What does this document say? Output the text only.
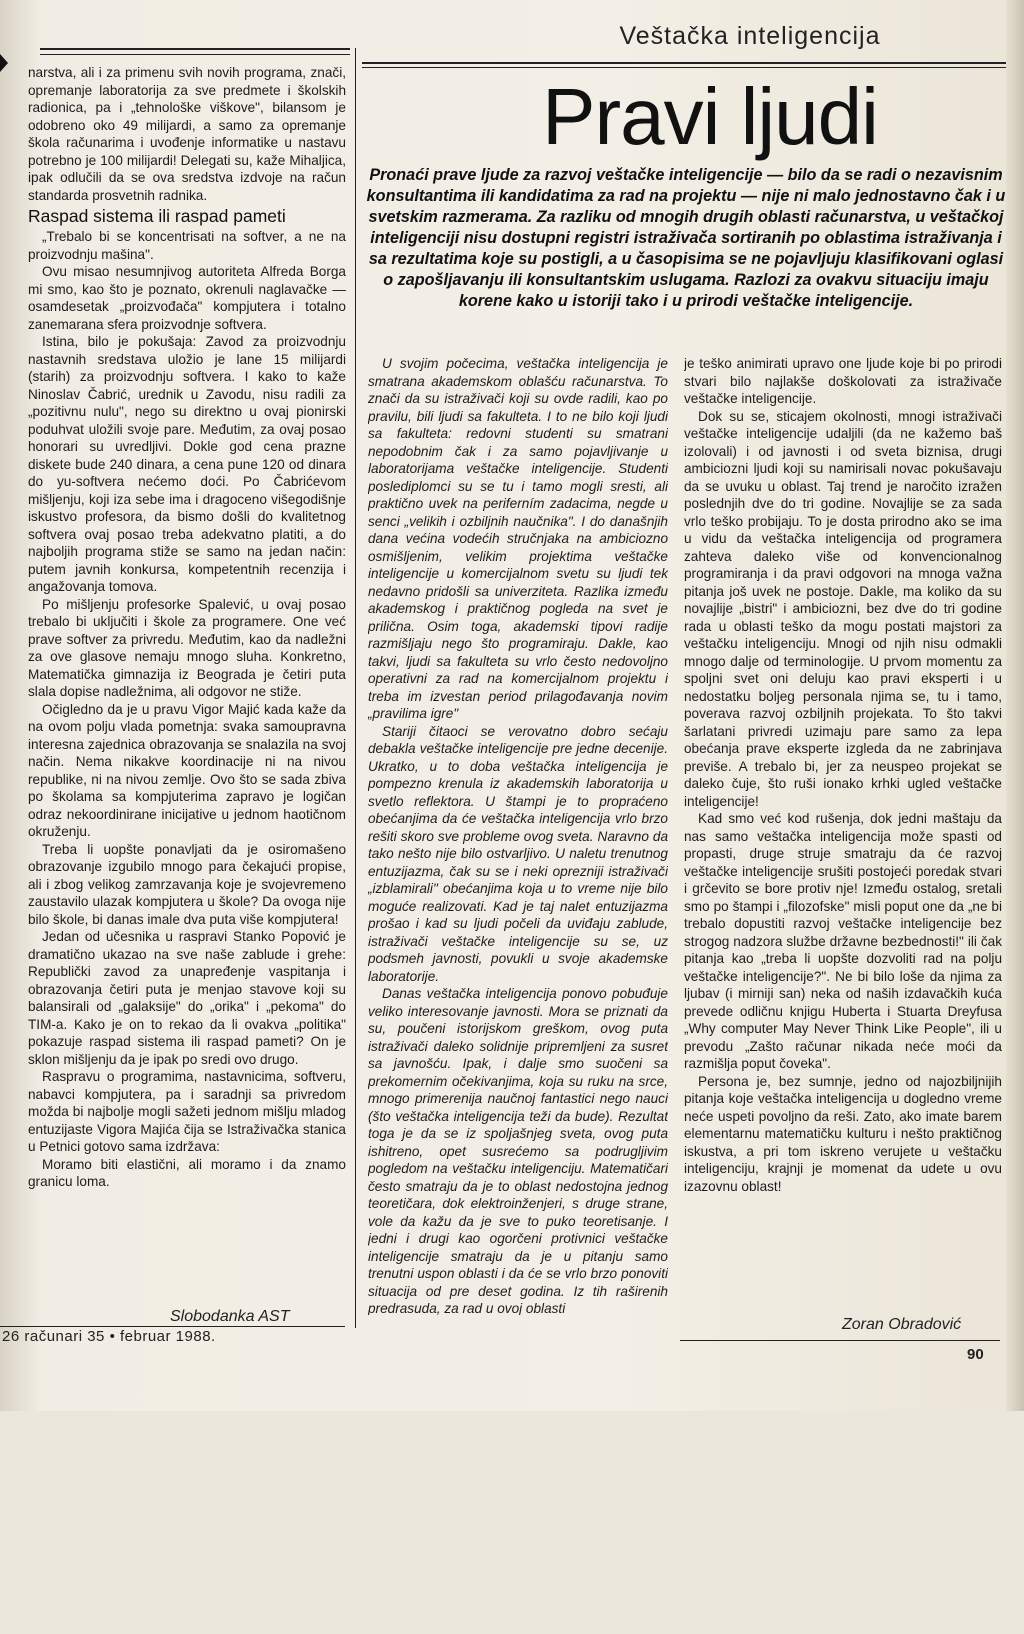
Veštačka inteligencija
Pravi ljudi
Pronaći prave ljude za razvoj veštačke inteligencije — bilo da se radi o nezavisnim konsultantima ili kandidatima za rad na projektu — nije ni malo jednostavno čak i u svetskim razmerama. Za razliku od mnogih drugih oblasti računarstva, u veštačkoj inteligenciji nisu dostupni registri istraživača sortiranih po oblastima istraživanja i sa rezultatima koje su postigli, a u časopisima se ne pojavljuju klasifikovani oglasi o zapošljavanju ili konsultantskim uslugama. Razlozi za ovakvu situaciju imaju korene kako u istoriji tako i u prirodi veštačke inteligencije.

narstva, ali i za primenu svih novih programa, znači, opremanje laboratorija za sve predmete i školskih radionica, pa i „tehnološke viškove", bilansom je odobreno oko 49 milijardi, a samo za opremanje škola računarima i uvođenje informatike u nastavu potrebno je 100 milijardi! Delegati su, kaže Mihaljica, ipak odlučili da se ova sredstva izdvoje na račun standarda prosvetnih radnika.

Raspad sistema ili raspad pameti

„Trebalo bi se koncentrisati na softver, a ne na proizvodnju mašina".

Ovu misao nesumnjivog autoriteta Alfreda Borga mi smo, kao što je poznato, okrenuli naglavačke — osamdesetak „proizvođača" kompjutera i totalno zanemarana sfera proizvodnje softvera.

Istina, bilo je pokušaja: Zavod za proizvodnju nastavnih sredstava uložio je lane 15 milijardi (starih) za proizvodnju softvera. I kako to kaže Ninoslav Čabrić, urednik u Zavodu, nisu radili za „pozitivnu nulu", nego su direktno u ovaj pionirski poduhvat uložili svoje pare. Međutim, za ovaj posao honorari su uvredljivi. Dokle god cena prazne diskete bude 240 dinara, a cena pune 120 od dinara do yu-softvera nećemo doći. Po Čabrićevom mišljenju, koji iza sebe ima i dragoceno višegodišnje iskustvo profesora, da bismo došli do kvalitetnog softvera ovaj posao treba adekvatno platiti, a do najboljih programa stiže se samo na jedan način: putem javnih konkursa, kompetentnih recenzija i angažovanja tomova.

Po mišljenju profesorke Spalević, u ovaj posao trebalo bi uključiti i škole za programere. One već prave softver za privredu. Međutim, kao da nadležni za ove glasove nemaju mnogo sluha. Konkretno, Matematička gimnazija iz Beograda je četiri puta slala dopise nadležnima, ali odgovor ne stiže.

Očigledno da je u pravu Vigor Majić kada kaže da na ovom polju vlada pometnja: svaka samoupravna interesna zajednica obrazovanja se snalazila na svoj način. Nema nikakve koordinacije ni na nivou republike, ni na nivou zemlje. Ovo što se sada zbiva po školama sa kompjuterima zapravo je logičan odraz nekoordinirane inicijative u jednom haotičnom okruženju.

Treba li uopšte ponavljati da je osiromašeno obrazovanje izgubilo mnogo para čekajući propise, ali i zbog velikog zamrzavanja koje je svojevremeno zaustavilo ulazak kompjutera u škole? Da ovoga nije bilo škole, bi danas imale dva puta više kompjutera!

Jedan od učesnika u raspravi Stanko Popović je dramatično ukazao na sve naše zablude i grehe: Republički zavod za unapređenje vaspitanja i obrazovanja četiri puta je menjao stavove koji su balansirali od „galaksije" do „orika" i „pekoma" do TIM-a. Kako je on to rekao da li ovakva „politika" pokazuje raspad sistema ili raspad pameti? On je sklon mišljenju da je ipak po sredi ovo drugo.

Raspravu o programima, nastavnicima, softveru, nabavci kompjutera, pa i saradnji sa privredom možda bi najbolje mogli sažeti jednom mišlju mladog entuzijaste Vigora Majića čija se Istraživačka stanica u Petnici gotovo sama izdržava:

Moramo biti elastični, ali moramo i da znamo granicu loma.

U svojim počecima, veštačka inteligencija je smatrana akademskom oblašću računarstva. To znači da su istraživači koji su ovde radili, kao po pravilu, bili ljudi sa fakulteta. I to ne bilo koji ljudi sa fakulteta: redovni studenti su smatrani nepodobnim čak i za samo pojavljivanje u laboratorijama veštačke inteligencije. Studenti poslediplomci su se tu i tamo mogli sresti, ali praktično uvek na periferním zadacima, negde u senci „velikih i ozbiljnih naučnika". I do današnjih dana većina vodećih stručnjaka na ambiciozno osmišljenim, velikim projektima veštačke inteligencije u komercijalnom svetu su ljudi tek nedavno pridošli sa univerziteta. Razlika između akademskog i praktičnog pogleda na svet je prilična. Osim toga, akademski tipovi radije razmišljaju nego što programiraju. Dakle, kao takvi, ljudi sa fakulteta su vrlo često nedovoljno operativni za rad na komercijalnom projektu i treba im izvestan period prilagođavanja novim „pravilima igre"

Stariji čitaoci se verovatno dobro sećaju debakla veštačke inteligencije pre jedne decenije. Ukratko, u to doba veštačka inteligencija je pompezno krenula iz akademskih laboratorija u svetlo reflektora. U štampi je to propraćeno obećanjima da će veštačka inteligencija vrlo brzo rešiti skoro sve probleme ovog sveta. Naravno da tako nešto nije bilo ostvarljivo. U naletu trenutnog entuzijazma, čak su se i neki oprezniji istraživači „izblamirali" obećanjima koja u to vreme nije bilo moguće realizovati. Kad je taj nalet entuzijazma prošao i kad su ljudi počeli da uviđaju zablude, istraživači veštačke inteligencije su se, uz podsmeh javnosti, povukli u svoje akademske laboratorije.

Danas veštačka inteligencija ponovo pobuđuje veliko interesovanje javnosti. Mora se priznati da su, poučeni istorijskom greškom, ovog puta istraživači daleko solidnije pripremljeni za susret sa javnošću. Ipak, i dalje smo suočeni sa prekomernim očekivanjima, koja su ruku na srce, mnogo primerenija naučnoj fantastici nego nauci (što veštačka inteligencija teži da bude). Rezultat toga je da se iz spoljašnjeg sveta, ovog puta ishitreno, opet susrećemo sa podrugljivim pogledom na veštačku inteligenciju. Matematičari često smatraju da je to oblast nedostojna jednog teoretičara, dok elektroinženjeri, s druge strane, vole da kažu da je sve to puko teoretisanje. I jedni i drugi kao ogorčeni protivnici veštačke inteligencije smatraju da je u pitanju samo trenutni uspon oblasti i da će se vrlo brzo ponoviti situacija od pre deset godina. Iz tih raširenih predrasuda, za rad u ovoj oblasti

je teško animirati upravo one ljude koje bi po prirodi stvari bilo najlakše doškolovati za istraživače veštačke inteligencije.

Dok su se, sticajem okolnosti, mnogi istraživači veštačke inteligencije udaljili (da ne kažemo baš izolovali) i od javnosti i od sveta biznisa, drugi ambiciozni ljudi koji su namirisali novac pokušavaju da se uvuku u oblast. Taj trend je naročito izražen poslednjih dve do tri godine. Novajlije se za sada vrlo teško probijaju. To je dosta prirodno ako se ima u vidu da veštačka inteligencija od programera zahteva daleko više od konvencionalnog programiranja i da pravi odgovori na mnoga važna pitanja još uvek ne postoje. Dakle, ma koliko da su novajlije „bistri" i ambiciozni, bez dve do tri godine rada u oblasti teško da mogu postati majstori za veštačku inteligenciju. Mnogi od njih nisu odmakli mnogo dalje od terminologije. U prvom momentu za spoljni svet oni deluju kao pravi eksperti i u nedostatku boljeg personala njima se, tu i tamo, poverava razvoj ozbiljnih projekata. To što takvi šarlatani privredi uzimaju pare samo za lepa obećanja prave eksperte izgleda da ne zabrinjava previše. A trebalo bi, jer za neuspeo projekat se daleko čuje, što ruši ionako krhki ugled veštačke inteligencije!

Kad smo već kod rušenja, dok jedni maštaju da nas samo veštačka inteligencija može spasti od propasti, druge struje smatraju da će razvoj veštačke inteligencije srušiti postojeći poredak stvari i grčevito se bore protiv nje! Između ostalog, sretali smo po štampi i „filozofske" misli poput one da „ne bi trebalo dopustiti razvoj veštačke inteligencije bez strogog nadzora službe državne bezbednosti!" ili čak pitanja kao „treba li uopšte dozvoliti rad na polju veštačke inteligencije?". Ne bi bilo loše da njima za ljubav (i mirniji san) neka od naših izdavačkih kuća prevede odličnu knjigu Huberta i Stuarta Dreyfusa „Why computer May Never Think Like People", ili u prevodu „Zašto računar nikada neće moći da razmišlja poput čoveka".

Persona je, bez sumnje, jedno od najozbiljnijih pitanja koje veštačka inteligencija u dogledno vreme neće uspeti povoljno da reši. Zato, ako imate barem elementarnu matematičku kulturu i nešto praktičnog iskustva, a pri tom iskreno verujete u veštačku inteligenciju, krajnji je momenat da udete u ovu izazovnu oblast!

Slobodanka AST	Zoran Obradović
26 računari 35 • februar 1988.
90
